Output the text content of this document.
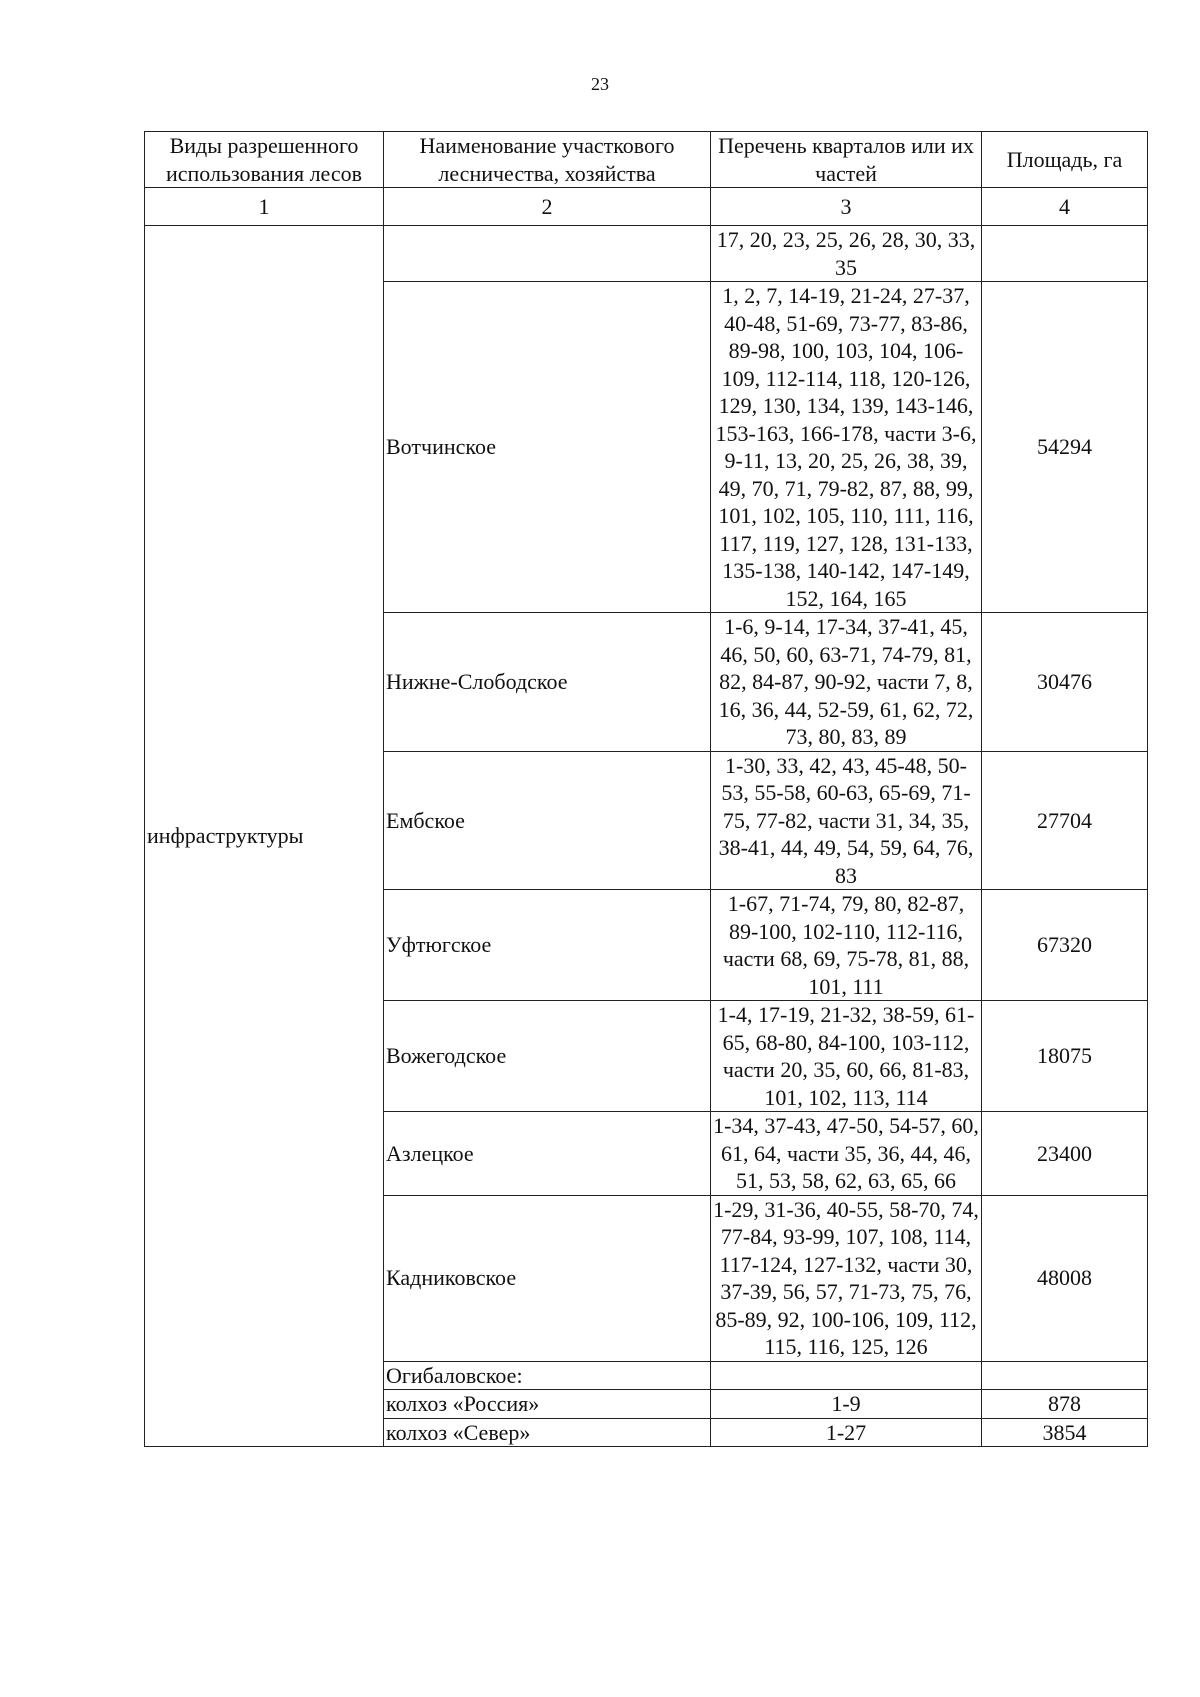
23
Виды разрешенного использования лесов	Наименование участкового лесничества, хозяйства	Перечень кварталов или их частей	Площадь, га
1	2	3	4
инфраструктуры		17, 20, 23, 25, 26, 28, 30, 33, 35	
	Вотчинское	1, 2, 7, 14-19, 21-24, 27-37, 40-48, 51-69, 73-77, 83-86, 89-98, 100, 103, 104, 106-109, 112-114, 118, 120-126, 129, 130, 134, 139, 143-146, 153-163, 166-178, части 3-6, 9-11, 13, 20, 25, 26, 38, 39, 49, 70, 71, 79-82, 87, 88, 99, 101, 102, 105, 110, 111, 116, 117, 119, 127, 128, 131-133, 135-138, 140-142, 147-149, 152, 164, 165	54294
	Нижне-Слободское	1-6, 9-14, 17-34, 37-41, 45, 46, 50, 60, 63-71, 74-79, 81, 82, 84-87, 90-92, части 7, 8, 16, 36, 44, 52-59, 61, 62, 72, 73, 80, 83, 89	30476
	Ембское	1-30, 33, 42, 43, 45-48, 50-53, 55-58, 60-63, 65-69, 71-75, 77-82, части 31, 34, 35, 38-41, 44, 49, 54, 59, 64, 76, 83	27704
	Уфтюгское	1-67, 71-74, 79, 80, 82-87, 89-100, 102-110, 112-116, части 68, 69, 75-78, 81, 88, 101, 111	67320
	Вожегодское	1-4, 17-19, 21-32, 38-59, 61-65, 68-80, 84-100, 103-112, части 20, 35, 60, 66, 81-83, 101, 102, 113, 114	18075
	Азлецкое	1-34, 37-43, 47-50, 54-57, 60, 61, 64, части 35, 36, 44, 46, 51, 53, 58, 62, 63, 65, 66	23400
	Кадниковское	1-29, 31-36, 40-55, 58-70, 74, 77-84, 93-99, 107, 108, 114, 117-124, 127-132, части 30, 37-39, 56, 57, 71-73, 75, 76, 85-89, 92, 100-106, 109, 112, 115, 116, 125, 126	48008
	Огибаловское:		
	колхоз «Россия»	1-9	878
	колхоз «Север»	1-27	3854
